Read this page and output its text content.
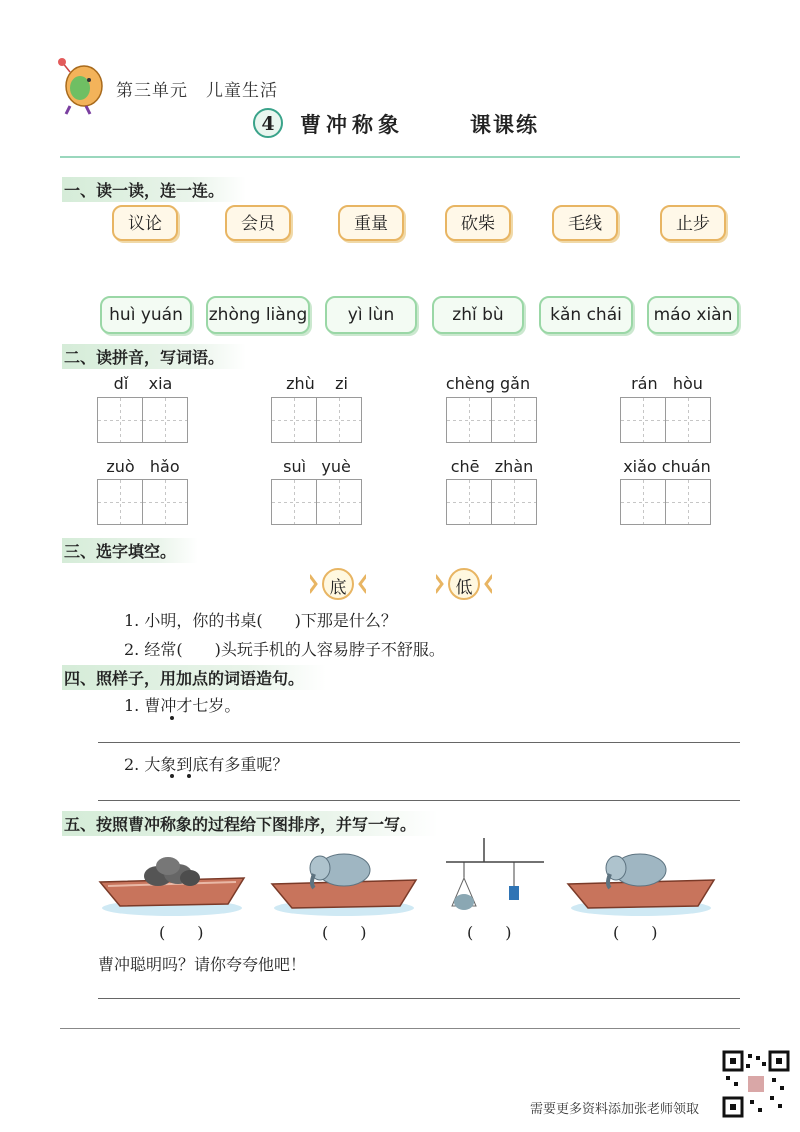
第三单元　儿童生活
4	曹冲称象	课课练
一、读一读，连一连。
议论	会员	重量	砍柴	毛线	止步
huì yuán	zhòng liàng	yì lùn	zhǐ bù	kǎn chái	máo xiàn
二、读拼音，写词语。
dǐ    xia	zhù    zi	chèng gǎn	rán   hòu
zuò   hǎo	suì   yuè	chē   zhàn	xiǎo chuán
三、选字填空。
底	低
1. 小明，你的书桌(　　)下那是什么？
2. 经常(　　)头玩手机的人容易脖子不舒服。
四、照样子，用加点的词语造句。
1. 曹冲才七岁。
2. 大象到底有多重呢？
五、按照曹冲称象的过程给下图排序，并写一写。
(　　)	(　　)	(　　)	(　　)
曹冲聪明吗？请你夸夸他吧！
需要更多资料添加张老师领取
